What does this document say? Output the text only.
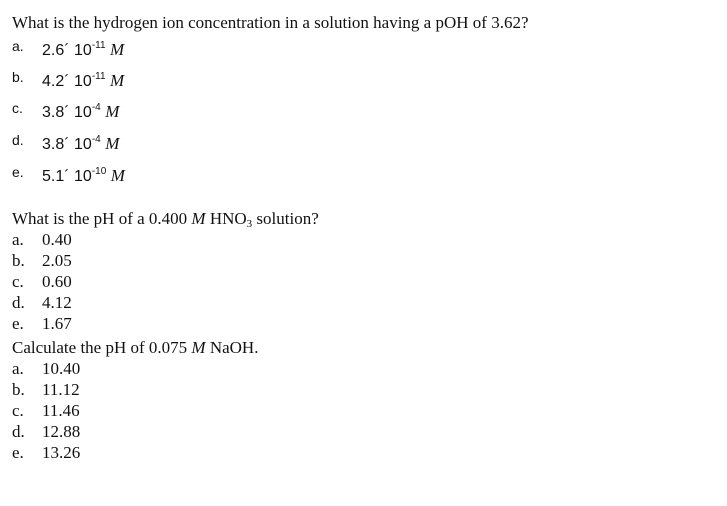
What is the hydrogen ion concentration in a solution having a pOH of 3.62?
a. 2.6´ $10^{-11}$ M
b. 4.2´ $10^{-11}$ M
c. 3.8´ $10^{-4}$ M
d. 3.8´ $10^{-4}$ M
e. 5.1´ $10^{-10}$ M
What is the pH of a 0.400 M $HNO_3$ solution?
a. 0.40
b. 2.05
c. 0.60
d. 4.12
e. 1.67
Calculate the pH of 0.075 M NaOH.
a. 10.40
b. 11.12
c. 11.46
d. 12.88
e. 13.26
